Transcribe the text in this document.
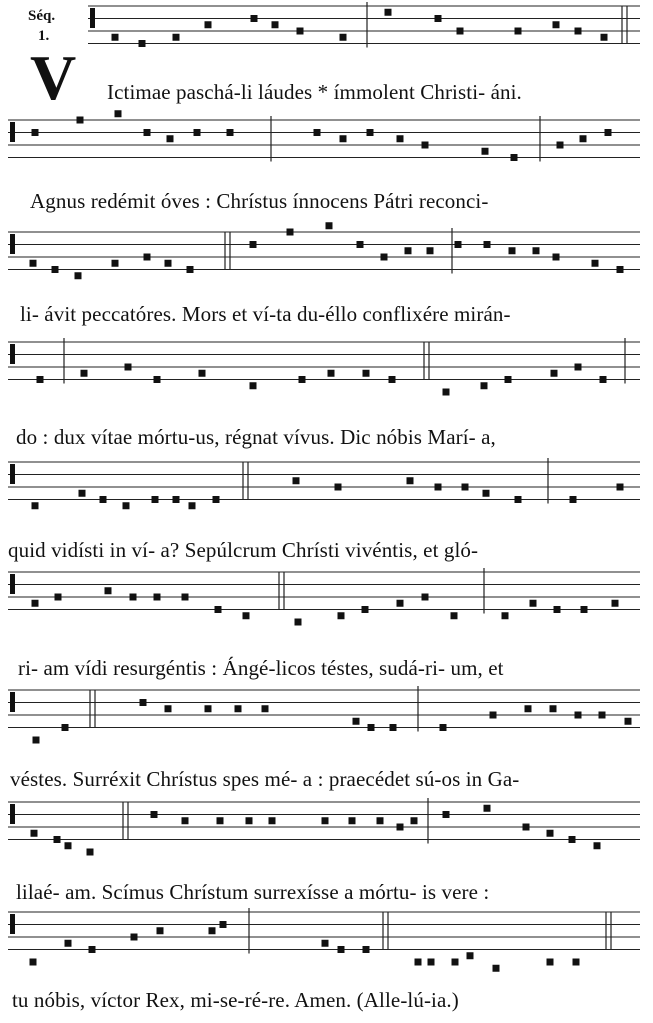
Séq.
1.
V Ictimae paschá-li láudes * ímmolent Christi- áni.
Agnus redémit óves : Chrístus ínnocens Pátri reconci-
li- ávit peccatóres. Mors et ví-ta du-éllo conflixére mirán-
do : dux vítae mórtu-us, régnat vívus. Dic nóbis Marí- a,
quid vidísti in ví- a? Sepúlcrum Chrísti vivéntis, et gló-
ri- am vídi resurgéntis : Ángé-licos téstes, sudá-ri- um, et
véstes. Surréxit Chrístus spes mé- a : praecédet sú-os in Ga-
lilaé- am. Scímus Chrístum surrexísse a mórtu- is vere :
tu nóbis, víctor Rex, mi-se-ré-re. Amen. (Alle-lú-ia.)
